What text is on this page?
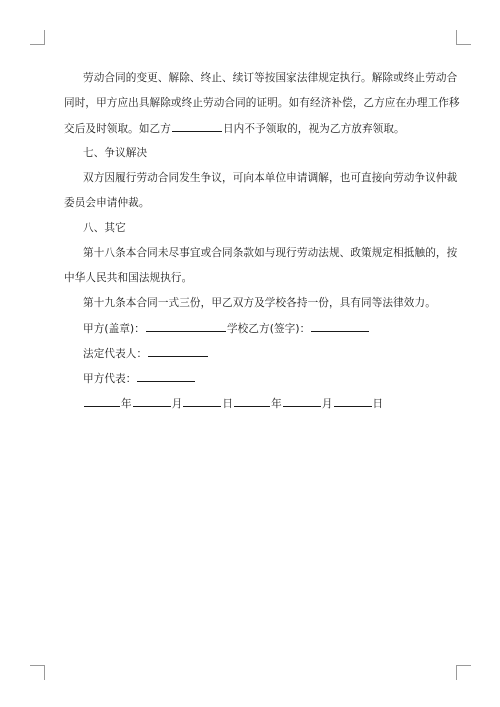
劳动合同的变更、解除、终止、续订等按国家法律规定执行。解除或终止劳动合
同时，甲方应出具解除或终止劳动合同的证明。如有经济补偿，乙方应在办理工作移
交后及时领取。如乙方	日内不予领取的，视为乙方放弃领取。
七、争议解决
双方因履行劳动合同发生争议，可向本单位申请调解，也可直接向劳动争议仲裁
委员会申请仲裁。
八、其它
第十八条本合同未尽事宜或合同条款如与现行劳动法规、政策规定相抵触的，按
中华人民共和国法规执行。
第十九条本合同一式三份，甲乙双方及学校各持一份，具有同等法律效力。
甲方(盖章)：	学校乙方(签字)：
法定代表人：
甲方代表：
年	月	日	年	月	日
